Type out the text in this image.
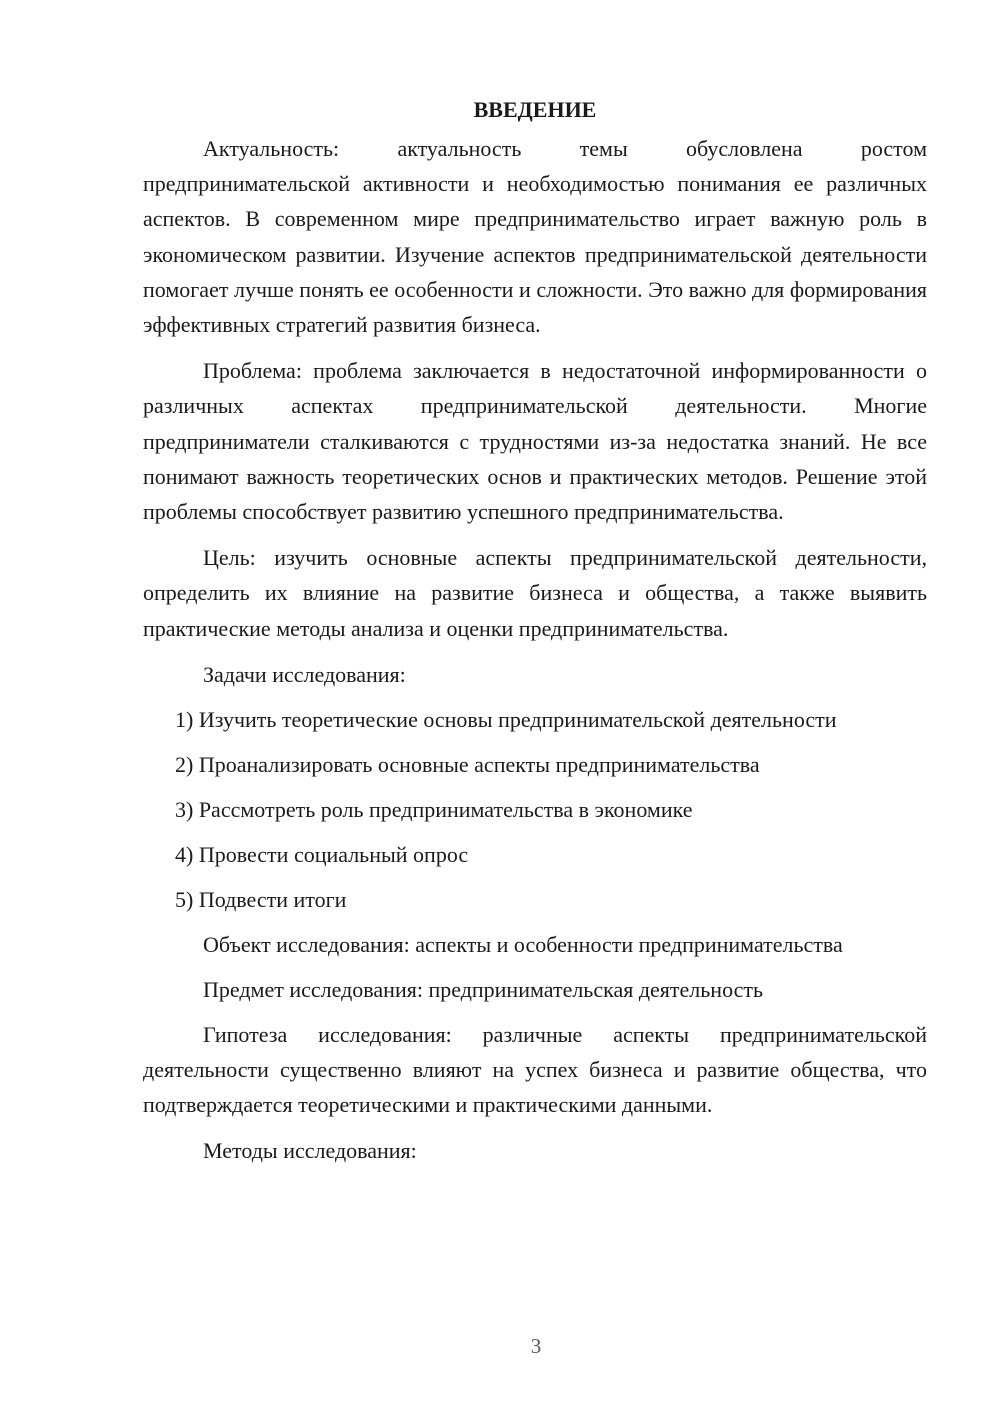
ВВЕДЕНИЕ

Актуальность: актуальность темы обусловлена ростом предпринимательской активности и необходимостью понимания ее различных аспектов. В современном мире предпринимательство играет важную роль в экономическом развитии. Изучение аспектов предпринимательской деятельности помогает лучше понять ее особенности и сложности. Это важно для формирования эффективных стратегий развития бизнеса.

Проблема: проблема заключается в недостаточной информированности о различных аспектах предпринимательской деятельности. Многие предприниматели сталкиваются с трудностями из-за недостатка знаний. Не все понимают важность теоретических основ и практических методов. Решение этой проблемы способствует развитию успешного предпринимательства.

Цель: изучить основные аспекты предпринимательской деятельности, определить их влияние на развитие бизнеса и общества, а также выявить практические методы анализа и оценки предпринимательства.

Задачи исследования:
1) Изучить теоретические основы предпринимательской деятельности
2) Проанализировать основные аспекты предпринимательства
3) Рассмотреть роль предпринимательства в экономике
4) Провести социальный опрос
5) Подвести итоги
Объект исследования: аспекты и особенности предпринимательства
Предмет исследования: предпринимательская деятельность

Гипотеза исследования: различные аспекты предпринимательской деятельности существенно влияют на успех бизнеса и развитие общества, что подтверждается теоретическими и практическими данными.

Методы исследования:
3
